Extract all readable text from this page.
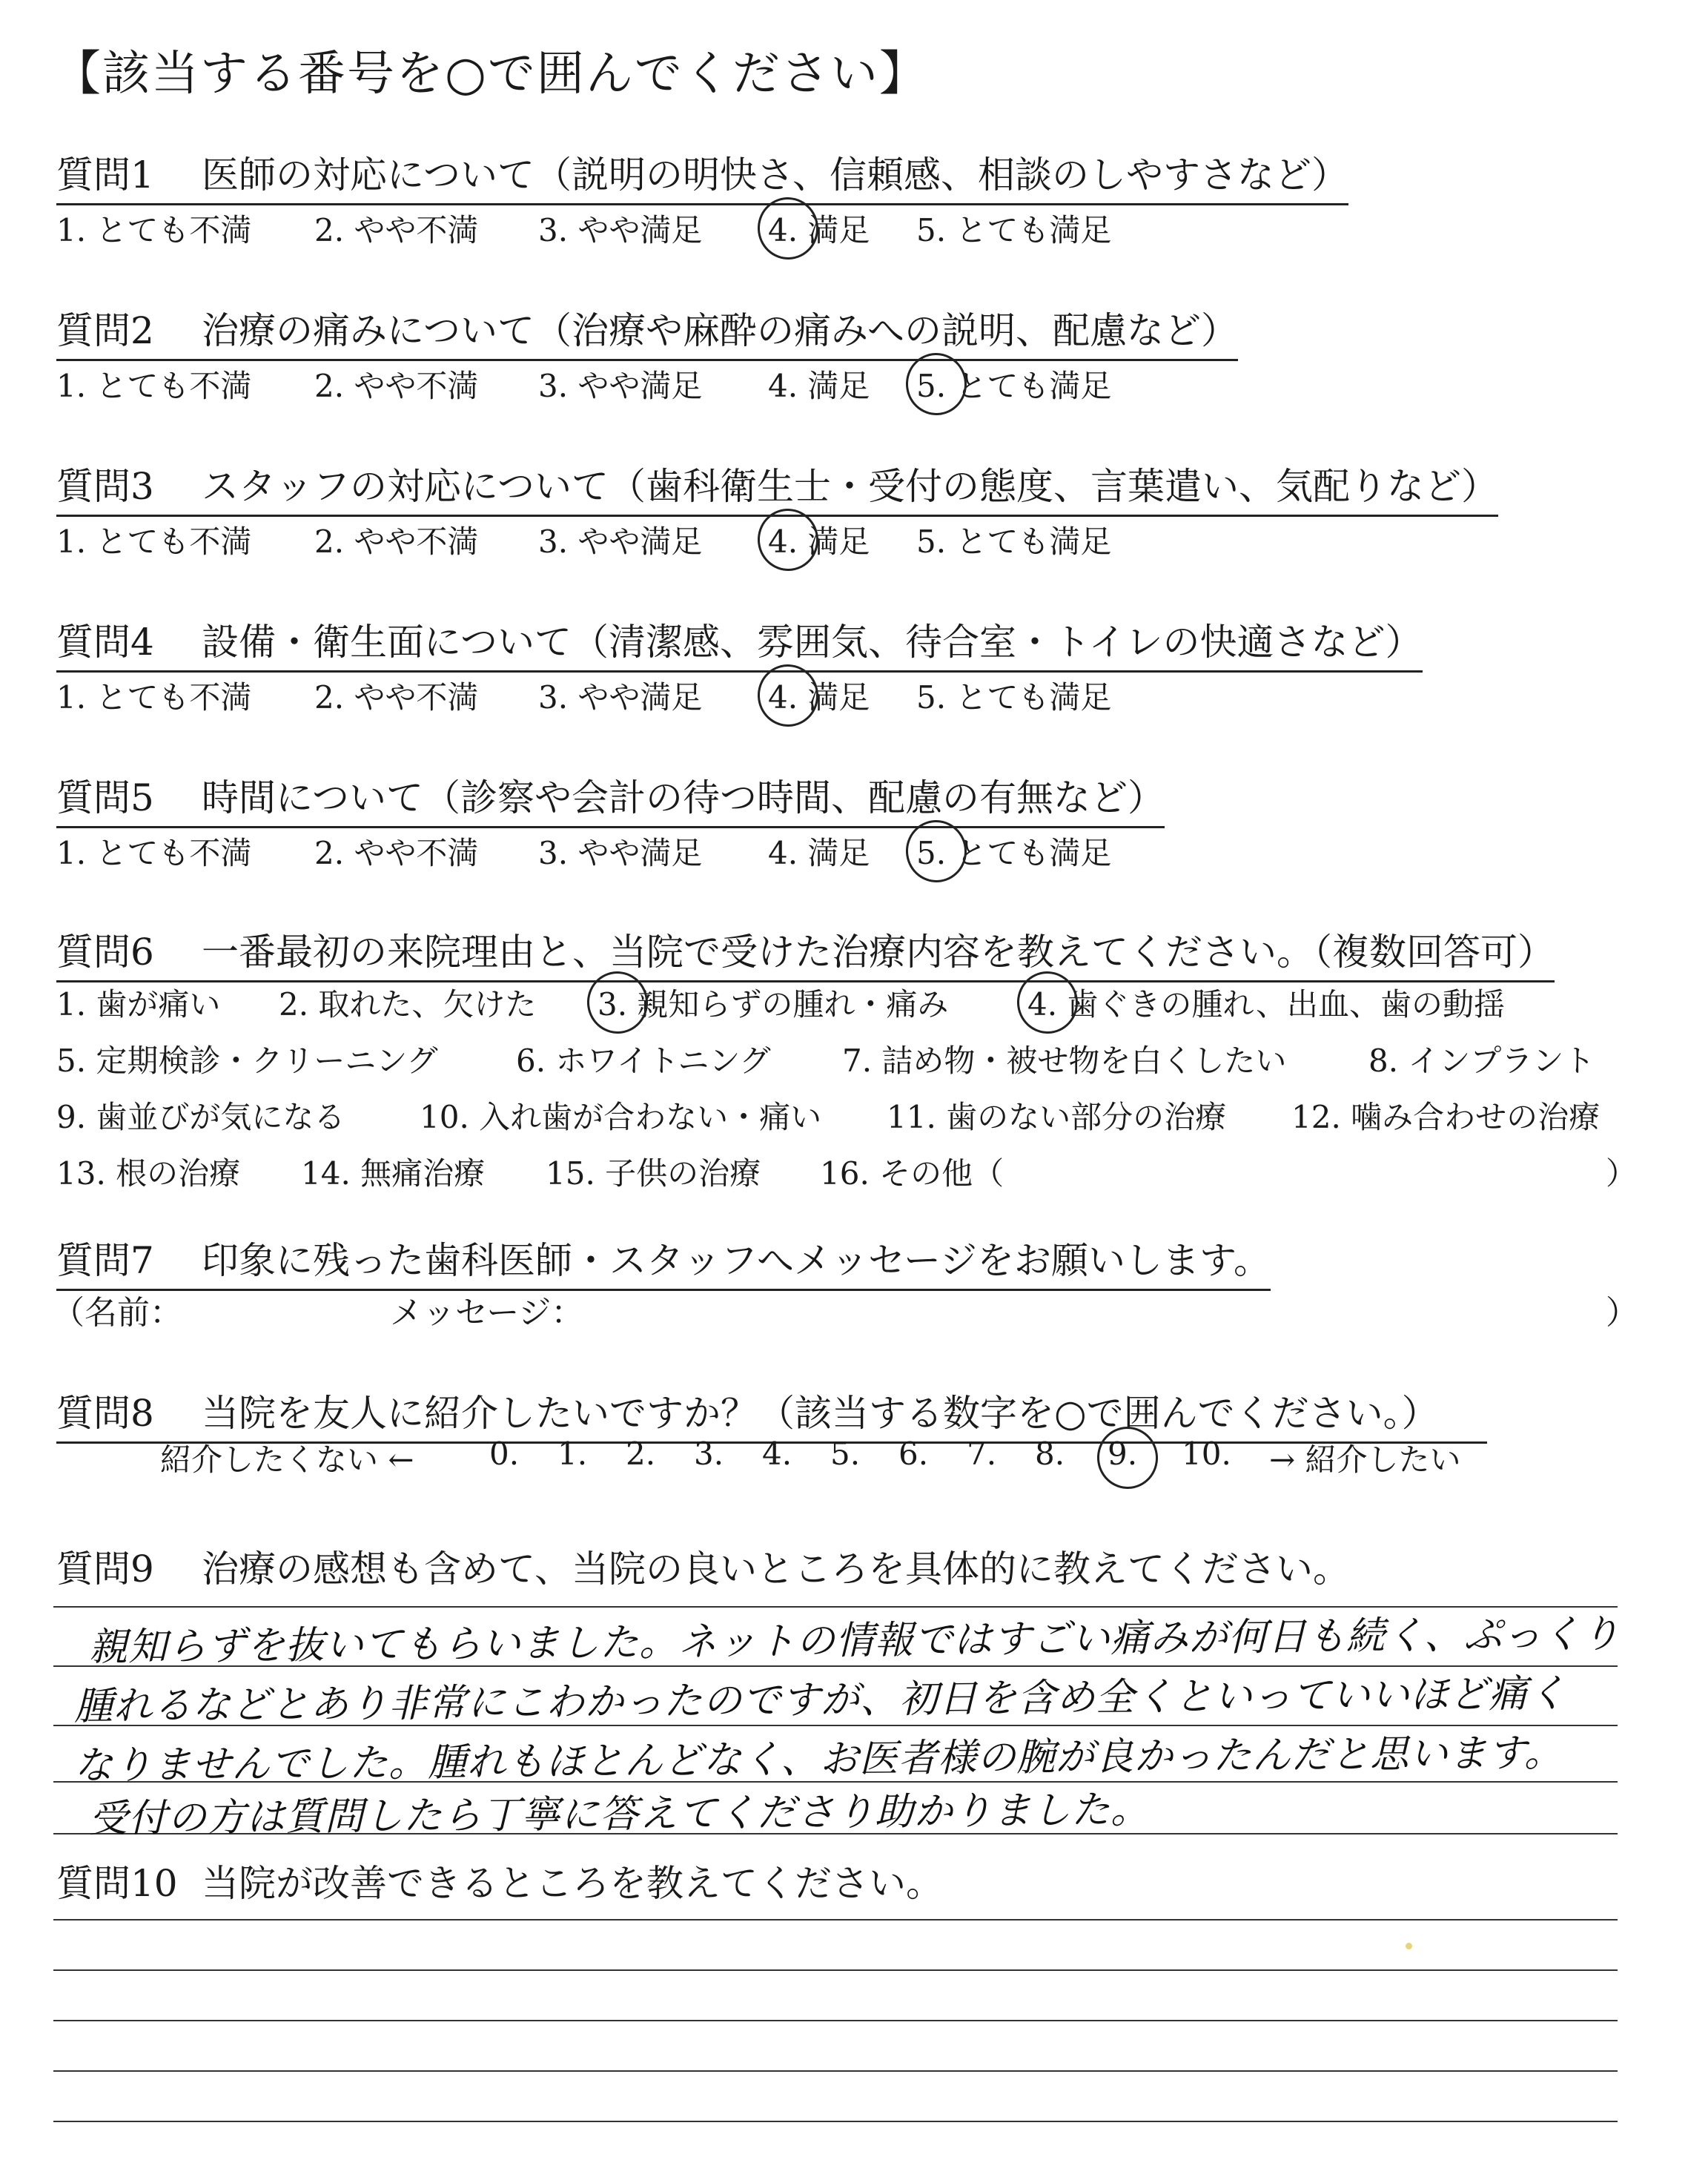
【該当する番号を○で囲んでください】
質問1 医師の対応について（説明の明快さ、信頼感、相談のしやすさなど）
1. とても不満 2. やや不満 3. やや満足 4. 満足 5. とても満足
質問2 治療の痛みについて（治療や麻酔の痛みへの説明、配慮など）
1. とても不満 2. やや不満 3. やや満足 4. 満足 5. とても満足
質問3 スタッフの対応について（歯科衛生士・受付の態度、言葉遣い、気配りなど）
1. とても不満 2. やや不満 3. やや満足 4. 満足 5. とても満足
質問4 設備・衛生面について（清潔感、雰囲気、待合室・トイレの快適さなど）
1. とても不満 2. やや不満 3. やや満足 4. 満足 5. とても満足
質問5 時間について（診察や会計の待つ時間、配慮の有無など）
1. とても不満 2. やや不満 3. やや満足 4. 満足 5. とても満足
質問6 一番最初の来院理由と、当院で受けた治療内容を教えてください。（複数回答可）
1. 歯が痛い 2. 取れた、欠けた 3. 親知らずの腫れ・痛み	4. 歯ぐきの腫れ、出血、歯の動揺
5. 定期検診・クリーニング	6. ホワイトニング 7. 詰め物・被せ物を白くしたい	8. インプラント
9. 歯並びが気になる 10. 入れ歯が合わない・痛い 11. 歯のない部分の治療 12. 噛み合わせの治療
13. 根の治療 14. 無痛治療 15. 子供の治療 16. その他（	）
質問7 印象に残った歯科医師・スタッフへメッセージをお願いします。
（名前：	メッセージ：	）
質問8 当院を友人に紹介したいですか？（該当する数字を○で囲んでください。）
紹介したくない ← 0. 1. 2. 3. 4. 5. 6. 7. 8. 9. 10. → 紹介したい
質問9 治療の感想も含めて、当院の良いところを具体的に教えてください。
親知らずを抜いてもらいました。ネットの情報ではすごい痛みが何日も続く、ぷっくり
腫れるなどとあり非常にこわかったのですが、初日を含め全くといっていいほど痛く
なりませんでした。腫れもほとんどなく、お医者様の腕が良かったんだと思います。
受付の方は質問したら丁寧に答えてくださり助かりました。
質問10 当院が改善できるところを教えてください。
